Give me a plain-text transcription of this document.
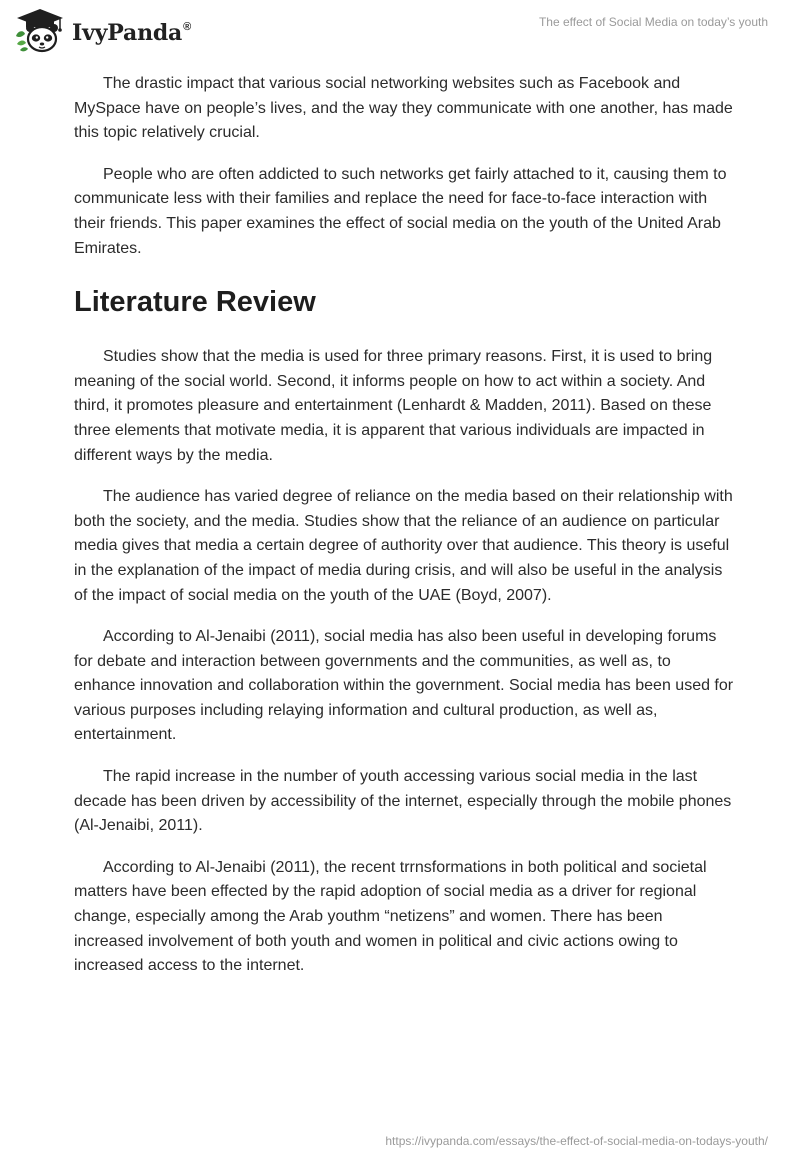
IvyPanda®	The effect of Social Media on today’s youth

The drastic impact that various social networking websites such as Facebook and MySpace have on people’s lives, and the way they communicate with one another, has made this topic relatively crucial.

People who are often addicted to such networks get fairly attached to it, causing them to communicate less with their families and replace the need for face-to-face interaction with their friends. This paper examines the effect of social media on the youth of the United Arab Emirates.

Literature Review

Studies show that the media is used for three primary reasons. First, it is used to bring meaning of the social world. Second, it informs people on how to act within a society. And third, it promotes pleasure and entertainment (Lenhardt & Madden, 2011). Based on these three elements that motivate media, it is apparent that various individuals are impacted in different ways by the media.

The audience has varied degree of reliance on the media based on their relationship with both the society, and the media. Studies show that the reliance of an audience on particular media gives that media a certain degree of authority over that audience. This theory is useful in the explanation of the impact of media during crisis, and will also be useful in the analysis of the impact of social media on the youth of the UAE (Boyd, 2007).

According to Al-Jenaibi (2011), social media has also been useful in developing forums for debate and interaction between governments and the communities, as well as, to enhance innovation and collaboration within the government. Social media has been used for various purposes including relaying information and cultural production, as well as, entertainment.

The rapid increase in the number of youth accessing various social media in the last decade has been driven by accessibility of the internet, especially through the mobile phones (Al-Jenaibi, 2011).

According to Al-Jenaibi (2011), the recent trrnsformations in both political and societal matters have been effected by the rapid adoption of social media as a driver for regional change, especially among the Arab youthm “netizens” and women. There has been increased involvement of both youth and women in political and civic actions owing to increased access to the internet.

https://ivypanda.com/essays/the-effect-of-social-media-on-todays-youth/
